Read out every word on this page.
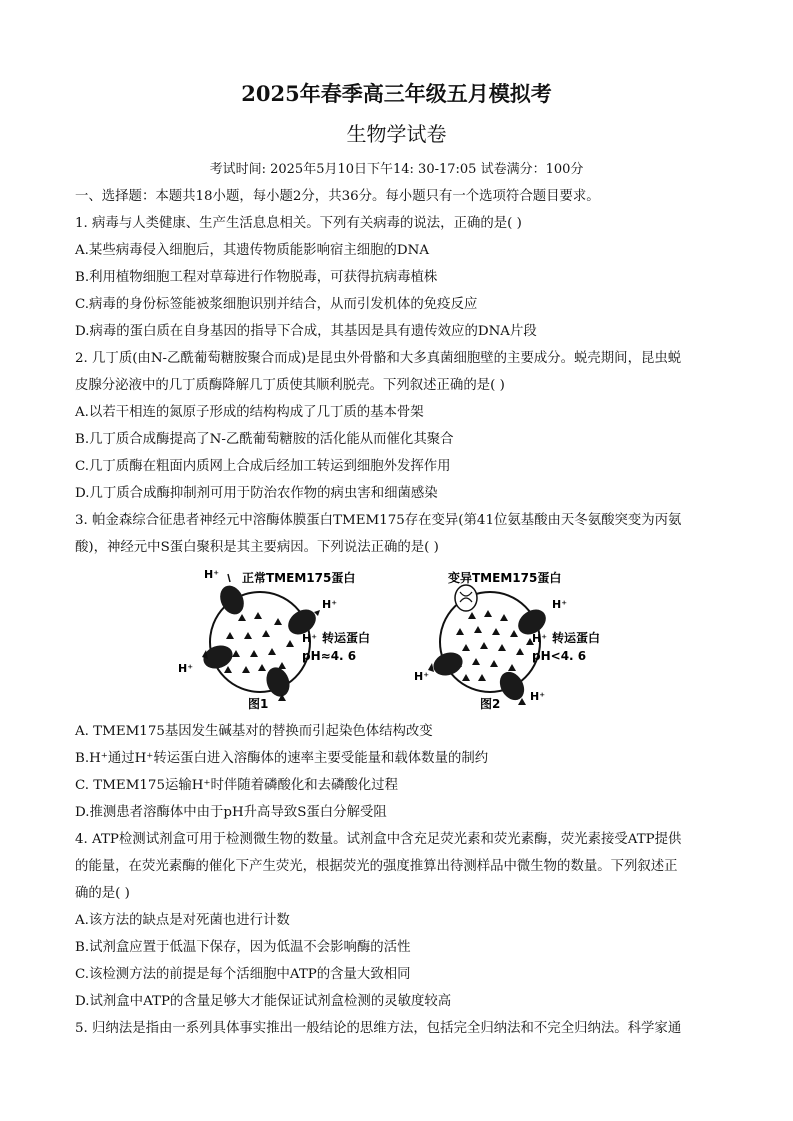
2025年春季高三年级五月模拟考
生物学试卷
考试时间: 2025年5月10日下午14: 30-17:05 试卷满分：100分
一、选择题：本题共18小题，每小题2分，共36分。每小题只有一个选项符合题目要求。
1. 病毒与人类健康、生产生活息息相关。下列有关病毒的说法，正确的是( )
A.某些病毒侵入细胞后，其遗传物质能影响宿主细胞的DNA
B.利用植物细胞工程对草莓进行作物脱毒，可获得抗病毒植株
C.病毒的身份标签能被浆细胞识别并结合，从而引发机体的免疫反应
D.病毒的蛋白质在自身基因的指导下合成，其基因是具有遗传效应的DNA片段
2. 几丁质(由N-乙酰葡萄糖胺聚合而成)是昆虫外骨骼和大多真菌细胞壁的主要成分。蜕壳期间，昆虫蜕
皮腺分泌液中的几丁质酶降解几丁质使其顺利脱壳。下列叙述正确的是( )
A.以若干相连的氮原子形成的结构构成了几丁质的基本骨架
B.几丁质合成酶提高了N-乙酰葡萄糖胺的活化能从而催化其聚合
C.几丁质酶在粗面内质网上合成后经加工转运到细胞外发挥作用
D.几丁质合成酶抑制剂可用于防治农作物的病虫害和细菌感染
3. 帕金森综合征患者神经元中溶酶体膜蛋白TMEM175存在变异(第41位氨基酸由天冬氨酸突变为丙氨
酸)，神经元中S蛋白聚积是其主要病因。下列说法正确的是( )
H⁺ 正常TMEM175蛋白
H⁺
H⁺ 转运蛋白
pH≈4. 6
H⁺
图1
变异TMEM175蛋白
H⁺
H⁺ 转运蛋白
pH<4. 6
H⁺
H⁺
图2
A. TMEM175基因发生碱基对的替换而引起染色体结构改变
B.H⁺通过H⁺转运蛋白进入溶酶体的速率主要受能量和载体数量的制约
C. TMEM175运输H⁺时伴随着磷酸化和去磷酸化过程
D.推测患者溶酶体中由于pH升高导致S蛋白分解受阻
4. ATP检测试剂盒可用于检测微生物的数量。试剂盒中含充足荧光素和荧光素酶，荧光素接受ATP提供
的能量，在荧光素酶的催化下产生荧光，根据荧光的强度推算出待测样品中微生物的数量。下列叙述正
确的是( )
A.该方法的缺点是对死菌也进行计数
B.试剂盒应置于低温下保存，因为低温不会影响酶的活性
C.该检测方法的前提是每个活细胞中ATP的含量大致相同
D.试剂盒中ATP的含量足够大才能保证试剂盒检测的灵敏度较高
5. 归纳法是指由一系列具体事实推出一般结论的思维方法，包括完全归纳法和不完全归纳法。科学家通
